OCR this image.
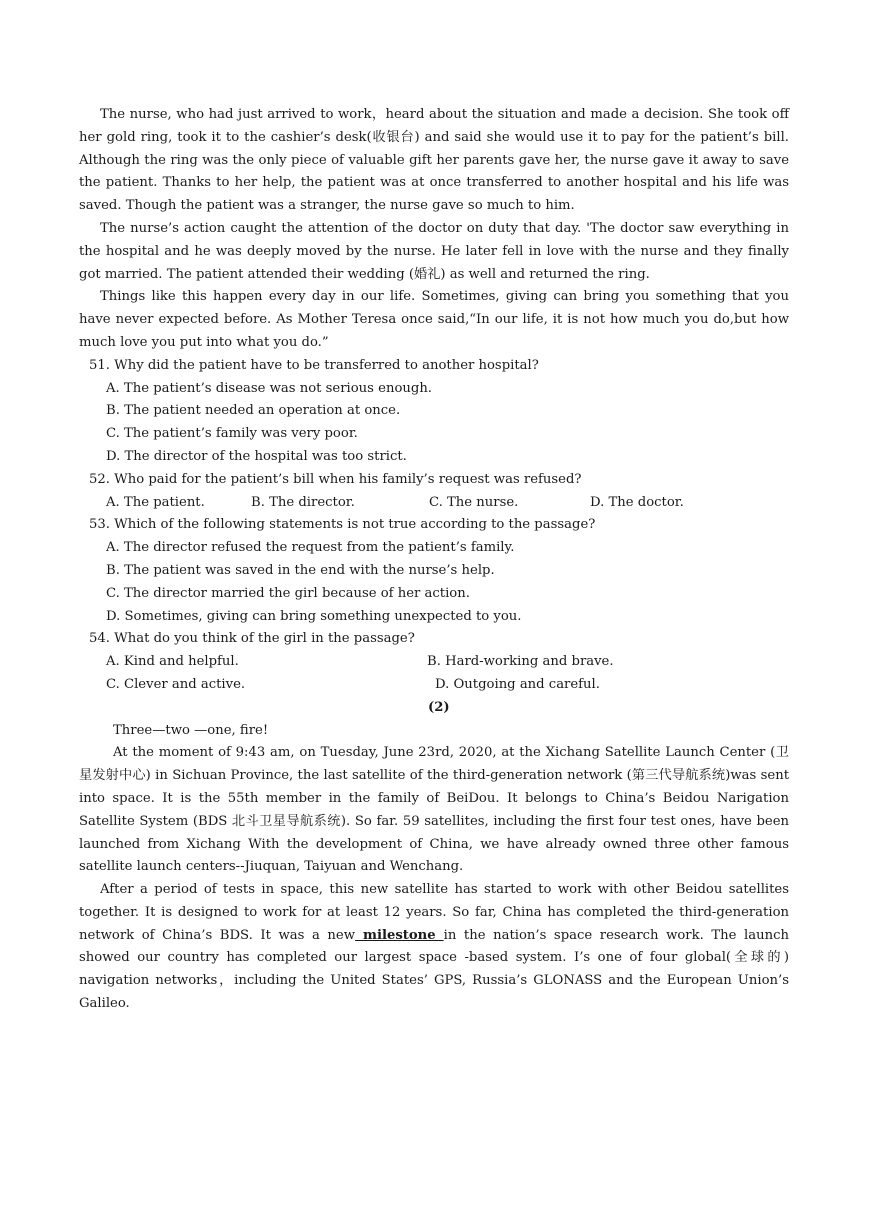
The nurse, who had just arrived to work，heard about the situation and made a decision. She took off her gold ring, took it to the cashier’s desk(收银台) and said she would use it to pay for the patient’s bill. Although the ring was the only piece of valuable gift her parents gave her, the nurse gave it away to save the patient. Thanks to her help, the patient was at once transferred to another hospital and his life was saved. Though the patient was a stranger, the nurse gave so much to him.

The nurse’s action caught the attention of the doctor on duty that day. 'The doctor saw everything in the hospital and he was deeply moved by the nurse. He later fell in love with the nurse and they finally got married. The patient attended their wedding (婚礼) as well and returned the ring.

Things like this happen every day in our life. Sometimes, giving can bring you something that you have never expected before. As Mother Teresa once said,“In our life, it is not how much you do,but how much love you put into what you do.”

51. Why did the patient have to be transferred to another hospital?
A. The patient’s disease was not serious enough.
B. The patient needed an operation at once.
C. The patient’s family was very poor.
D. The director of the hospital was too strict.
52. Who paid for the patient’s bill when his family’s request was refused?
A. The patient.	B. The director.	C. The nurse.	D. The doctor.
53. Which of the following statements is not true according to the passage?
A. The director refused the request from the patient’s family.
B. The patient was saved in the end with the nurse’s help.
C. The director married the girl because of her action.
D. Sometimes, giving can bring something unexpected to you.
54. What do you think of the girl in the passage?
A. Kind and helpful.	B. Hard-working and brave.
C. Clever and active.	D. Outgoing and careful.
(2)
Three—two —one, fire!

At the moment of 9:43 am, on Tuesday, June 23rd, 2020, at the Xichang Satellite Launch Center (卫星发射中心) in Sichuan Province, the last satellite of the third-generation network (第三代导航系统)was sent into space. It is the 55th member in the family of BeiDou. It belongs to China’s Beidou Narigation Satellite System (BDS 北斗卫星导航系统). So far. 59 satellites, including the first four test ones, have been launched from Xichang With the development of China, we have already owned three other famous satellite launch centers--Jiuquan, Taiyuan and Wenchang.

After a period of tests in space, this new satellite has started to work with other Beidou satellites together. It is designed to work for at least 12 years. So far, China has completed the third-generation network of China’s BDS. It was a new milestone in the nation’s space research work. The launch showed our country has completed our largest space -based system. I’s one of four global(全球的) navigation networks，including the United States’ GPS, Russia’s GLONASS and the European Union’s Galileo.
